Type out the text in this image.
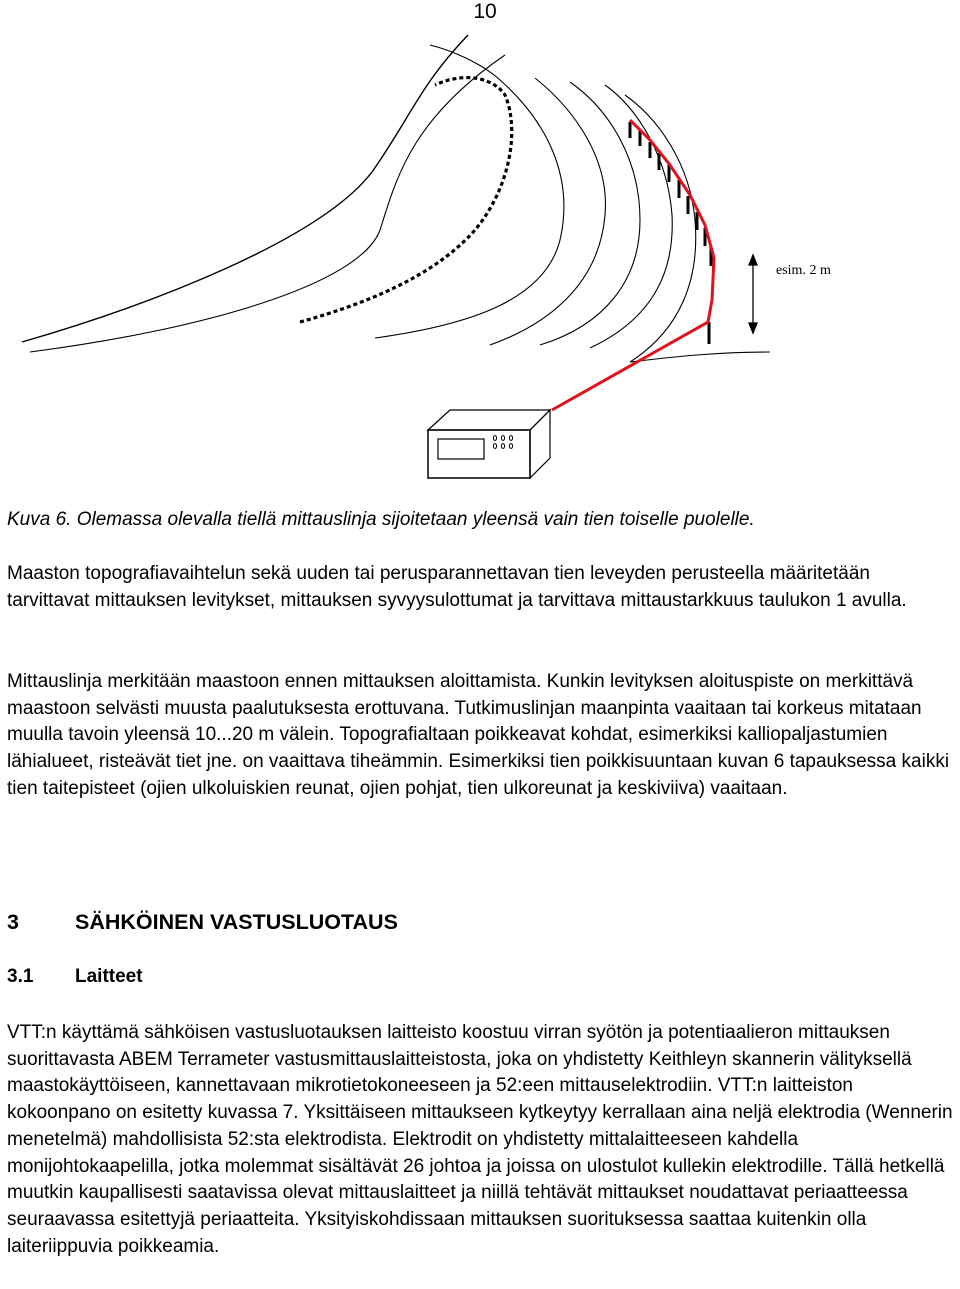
10
esim. 2 m
Kuva 6. Olemassa olevalla tiellä mittauslinja sijoitetaan yleensä vain tien toiselle puolelle.

Maaston topografiavaihtelun sekä uuden tai perusparannettavan tien leveyden perusteella määritetään tarvittavat mittauksen levitykset, mittauksen syvyysulottumat ja tarvittava mittaustarkkuus taulukon 1 avulla.

Mittauslinja merkitään maastoon ennen mittauksen aloittamista. Kunkin levityksen aloituspiste on merkittävä maastoon selvästi muusta paalutuksesta erottuvana. Tutkimuslinjan maanpinta vaaitaan tai korkeus mitataan muulla tavoin yleensä 10...20 m välein. Topografialtaan poikkeavat kohdat, esimerkiksi kalliopaljastumien lähialueet, risteävät tiet jne. on vaaittava tiheämmin. Esimerkiksi tien poikkisuuntaan kuvan 6 tapauksessa kaikki tien taitepisteet (ojien ulkoluiskien reunat, ojien pohjat, tien ulkoreunat ja keskiviiva) vaaitaan.

3	SÄHKÖINEN VASTUSLUOTAUS
3.1 Laitteet

VTT:n käyttämä sähköisen vastusluotauksen laitteisto koostuu virran syötön ja potentiaalieron mittauksen suorittavasta ABEM Terrameter vastusmittauslaitteistosta, joka on yhdistetty Keithleyn skannerin välityksellä maastokäyttöiseen, kannettavaan mikrotietokoneeseen ja 52:een mittauselektrodiin. VTT:n laitteiston kokoonpano on esitetty kuvassa 7. Yksittäiseen mittaukseen kytkeytyy kerrallaan aina neljä elektrodia (Wennerin menetelmä) mahdollisista 52:sta elektrodista. Elektrodit on yhdistetty mittalaitteeseen kahdella monijohtokaapelilla, jotka molemmat sisältävät 26 johtoa ja joissa on ulostulot kullekin elektrodille. Tällä hetkellä muutkin kaupallisesti saatavissa olevat mittauslaitteet ja niillä tehtävät mittaukset noudattavat periaatteessa seuraavassa esitettyjä periaatteita. Yksityiskohdissaan mittauksen suorituksessa saattaa kuitenkin olla laiteriippuvia poikkeamia.
